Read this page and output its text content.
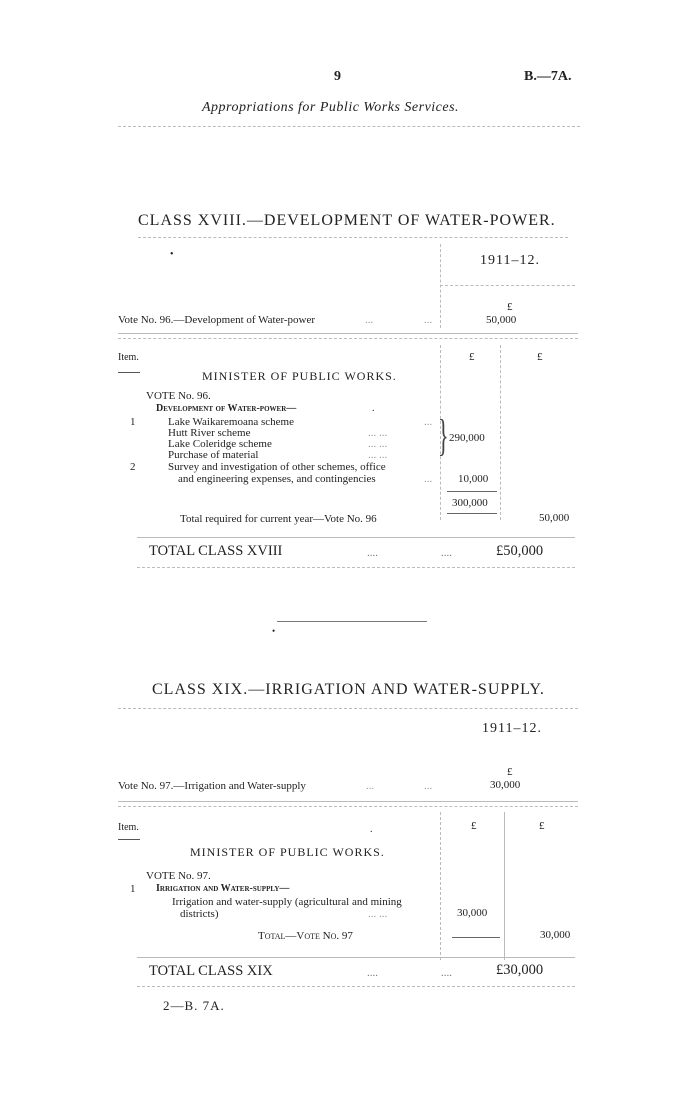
9	B.—7A.
Appropriations for Public Works Services.
CLASS XVIII.—DEVELOPMENT OF WATER-POWER.
•	1911–12.
£
Vote No. 96.—Development of Water-power	...	...	50,000
Item.	£	£
MINISTER OF PUBLIC WORKS.
VOTE No. 96.
Development of Water-power—	.
1	Lake Waikaremoana scheme	...
Hutt River scheme	... ...
Lake Coleridge scheme	... ...
Purchase of material	... ... } 290,000
2	Survey and investigation of other schemes, office
and engineering expenses, and contingencies	... 10,000
300,000
Total required for current year—Vote No. 96	50,000
TOTAL CLASS XVIII	....	....	£50,000
•
CLASS XIX.—IRRIGATION AND WATER-SUPPLY.
1911–12.
£
Vote No. 97.—Irrigation and Water-supply	...	...	30,000
Item.	.	£	£
MINISTER OF PUBLIC WORKS.
VOTE No. 97.
1 Irrigation and Water-supply—
Irrigation and water-supply (agricultural and mining
districts)	... ...	30,000
Total—Vote No. 97	30,000
TOTAL CLASS XIX	....	....	£30,000
2—B. 7A.
